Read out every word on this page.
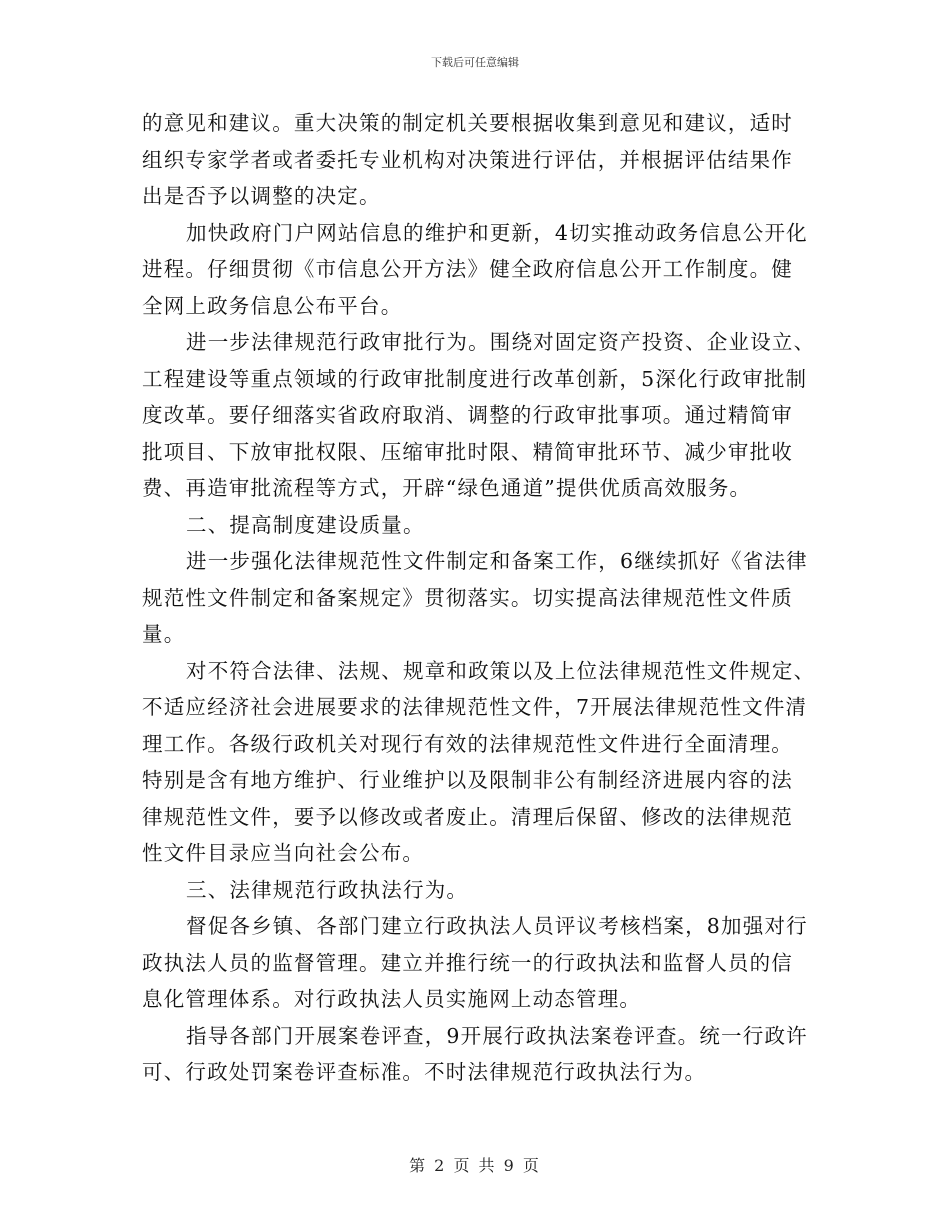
下载后可任意编辑
的意见和建议。重大决策的制定机关要根据收集到意见和建议，适时
组织专家学者或者委托专业机构对决策进行评估，并根据评估结果作
出是否予以调整的决定。
加快政府门户网站信息的维护和更新，4切实推动政务信息公开化
进程。仔细贯彻《市信息公开方法》健全政府信息公开工作制度。健
全网上政务信息公布平台。
进一步法律规范行政审批行为。围绕对固定资产投资、企业设立、
工程建设等重点领域的行政审批制度进行改革创新，5深化行政审批制
度改革。要仔细落实省政府取消、调整的行政审批事项。通过精简审
批项目、下放审批权限、压缩审批时限、精简审批环节、减少审批收
费、再造审批流程等方式，开辟“绿色通道”提供优质高效服务。
二、提高制度建设质量。
进一步强化法律规范性文件制定和备案工作，6继续抓好《省法律
规范性文件制定和备案规定》贯彻落实。切实提高法律规范性文件质
量。
对不符合法律、法规、规章和政策以及上位法律规范性文件规定、
不适应经济社会进展要求的法律规范性文件，7开展法律规范性文件清
理工作。各级行政机关对现行有效的法律规范性文件进行全面清理。
特别是含有地方维护、行业维护以及限制非公有制经济进展内容的法
律规范性文件，要予以修改或者废止。清理后保留、修改的法律规范
性文件目录应当向社会公布。
三、法律规范行政执法行为。
督促各乡镇、各部门建立行政执法人员评议考核档案，8加强对行
政执法人员的监督管理。建立并推行统一的行政执法和监督人员的信
息化管理体系。对行政执法人员实施网上动态管理。
指导各部门开展案卷评查，9开展行政执法案卷评查。统一行政许
可、行政处罚案卷评查标准。不时法律规范行政执法行为。
第 2 页 共 9 页
